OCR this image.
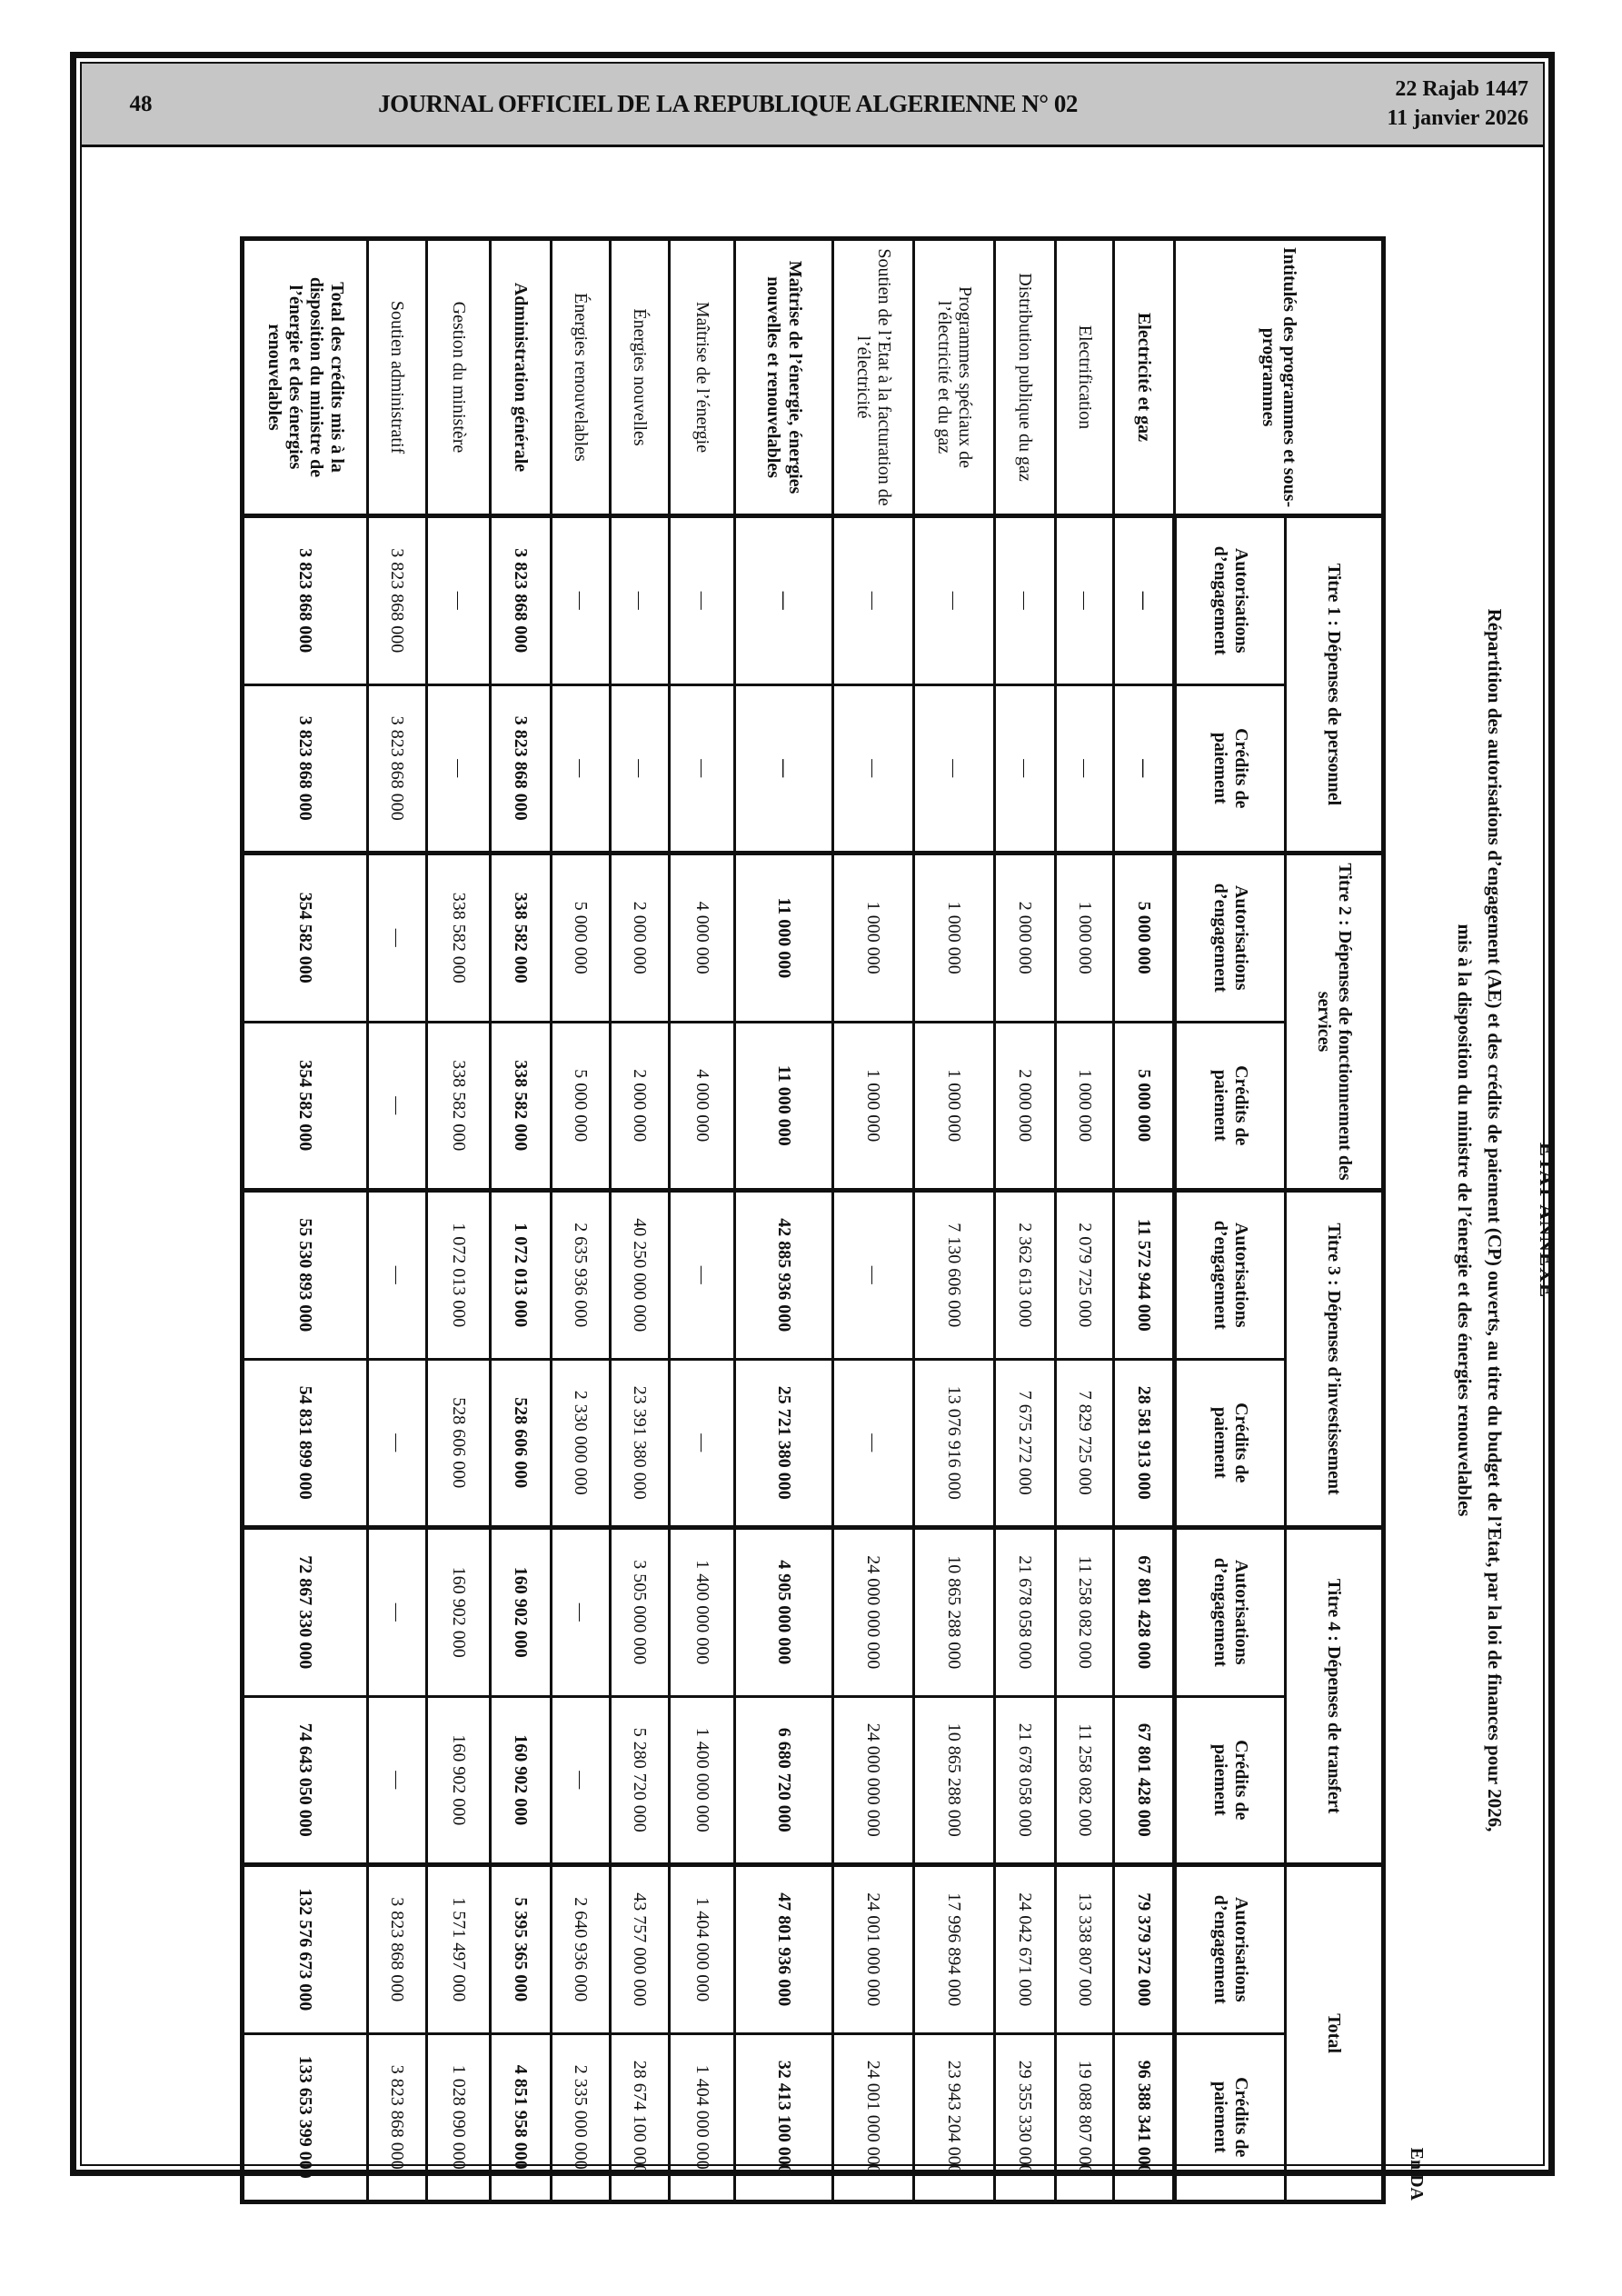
48	JOURNAL OFFICIEL DE LA REPUBLIQUE ALGERIENNE N° 02
22 Rajab 1447
11 janvier 2026
ETAT ANNEXE
Répartition des autorisations d’engagement (AE) et des crédits de paiement (CP) ouverts, au titre du budget de l’Etat, par la loi de finances pour 2026,
mis à la disposition du ministre de l’énergie et des énergies renouvelables
En DA
Intitulés des programmes et sous-programmes	Titre 1 : Dépenses de personnel		Titre 2 : Dépenses de fonctionnement des services		Titre 3 : Dépenses d’investissement		Titre 4 : Dépenses de transfert		Total	
	Autorisations d’engagement	Crédits de paiement	Autorisations d’engagement	Crédits de paiement	Autorisations d’engagement	Crédits de paiement	Autorisations d’engagement	Crédits de paiement	Autorisations d’engagement	Crédits de paiement
Electricité et gaz	—	—	5 000 000	5 000 000	11 572 944 000	28 581 913 000	67 801 428 000	67 801 428 000	79 379 372 000	96 388 341 000
Electrification	—	—	1 000 000	1 000 000	2 079 725 000	7 829 725 000	11 258 082 000	11 258 082 000	13 338 807 000	19 088 807 000
Distribution publique du gaz	—	—	2 000 000	2 000 000	2 362 613 000	7 675 272 000	21 678 058 000	21 678 058 000	24 042 671 000	29 355 330 000
Programmes spéciaux de l’électricité et du gaz	—	—	1 000 000	1 000 000	7 130 606 000	13 076 916 000	10 865 288 000	10 865 288 000	17 996 894 000	23 943 204 000
Soutien de l’Etat à la facturation de l’électricité	—	—	1 000 000	1 000 000	—	—	24 000 000 000	24 000 000 000	24 001 000 000	24 001 000 000
Maîtrise de l’énergie, énergies nouvelles et renouvelables	—	—	11 000 000	11 000 000	42 885 936 000	25 721 380 000	4 905 000 000	6 680 720 000	47 801 936 000	32 413 100 000
Maîtrise de l’énergie	—	—	4 000 000	4 000 000	—	—	1 400 000 000	1 400 000 000	1 404 000 000	1 404 000 000
Énergies nouvelles	—	—	2 000 000	2 000 000	40 250 000 000	23 391 380 000	3 505 000 000	5 280 720 000	43 757 000 000	28 674 100 000
Énergies renouvelables	—	—	5 000 000	5 000 000	2 635 936 000	2 330 000 000	—	—	2 640 936 000	2 335 000 000
Administration générale	3 823 868 000	3 823 868 000	338 582 000	338 582 000	1 072 013 000	528 606 000	160 902 000	160 902 000	5 395 365 000	4 851 958 000
Gestion du ministère	—	—	338 582 000	338 582 000	1 072 013 000	528 606 000	160 902 000	160 902 000	1 571 497 000	1 028 090 000
Soutien administratif	3 823 868 000	3 823 868 000	—	—	—	—	—	—	3 823 868 000	3 823 868 000
Total des crédits mis à la disposition du ministre de l’énergie et des énergies renouvelables	3 823 868 000	3 823 868 000	354 582 000	354 582 000	55 530 893 000	54 831 899 000	72 867 330 000	74 643 050 000	132 576 673 000	133 653 399 000
